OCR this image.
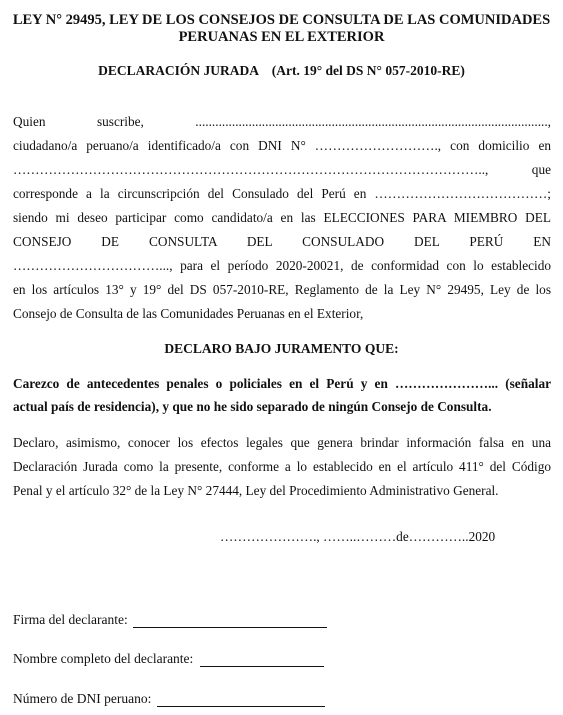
LEY N° 29495, LEY DE LOS CONSEJOS DE CONSULTA DE LAS COMUNIDADES
PERUANAS EN EL EXTERIOR
DECLARACIÓN JURADA    (Art. 19° del DS N° 057-2010-RE)
Quien suscribe, ..........................................................................................................,
ciudadano/a peruano/a identificado/a con DNI N° ………………………., con domicilio en
…………………………………………………………………………………………….., que
corresponde a la circunscripción del Consulado del Perú en …………………………………;
siendo mi deseo participar como candidato/a en las ELECCIONES PARA MIEMBRO DEL
CONSEJO DE CONSULTA DEL CONSULADO DEL PERÚ EN
……………………………..., para el período 2020-20021, de conformidad con lo establecido
en los artículos 13° y 19° del DS 057-2010-RE, Reglamento de la Ley N° 29495, Ley de los
Consejo de Consulta de las Comunidades Peruanas en el Exterior,
DECLARO BAJO JURAMENTO QUE:
Carezco de antecedentes penales o policiales en el Perú y en …………………... (señalar
actual país de residencia), y que no he sido separado de ningún Consejo de Consulta.
Declaro, asimismo, conocer los efectos legales que genera brindar información falsa en una
Declaración Jurada como la presente, conforme a lo establecido en el artículo 411° del Código
Penal y el artículo 32° de la Ley N° 27444, Ley del Procedimiento Administrativo General.
…………………., ……..………de…………..2020
Firma del declarante:
Nombre completo del declarante:
Número de DNI peruano:
